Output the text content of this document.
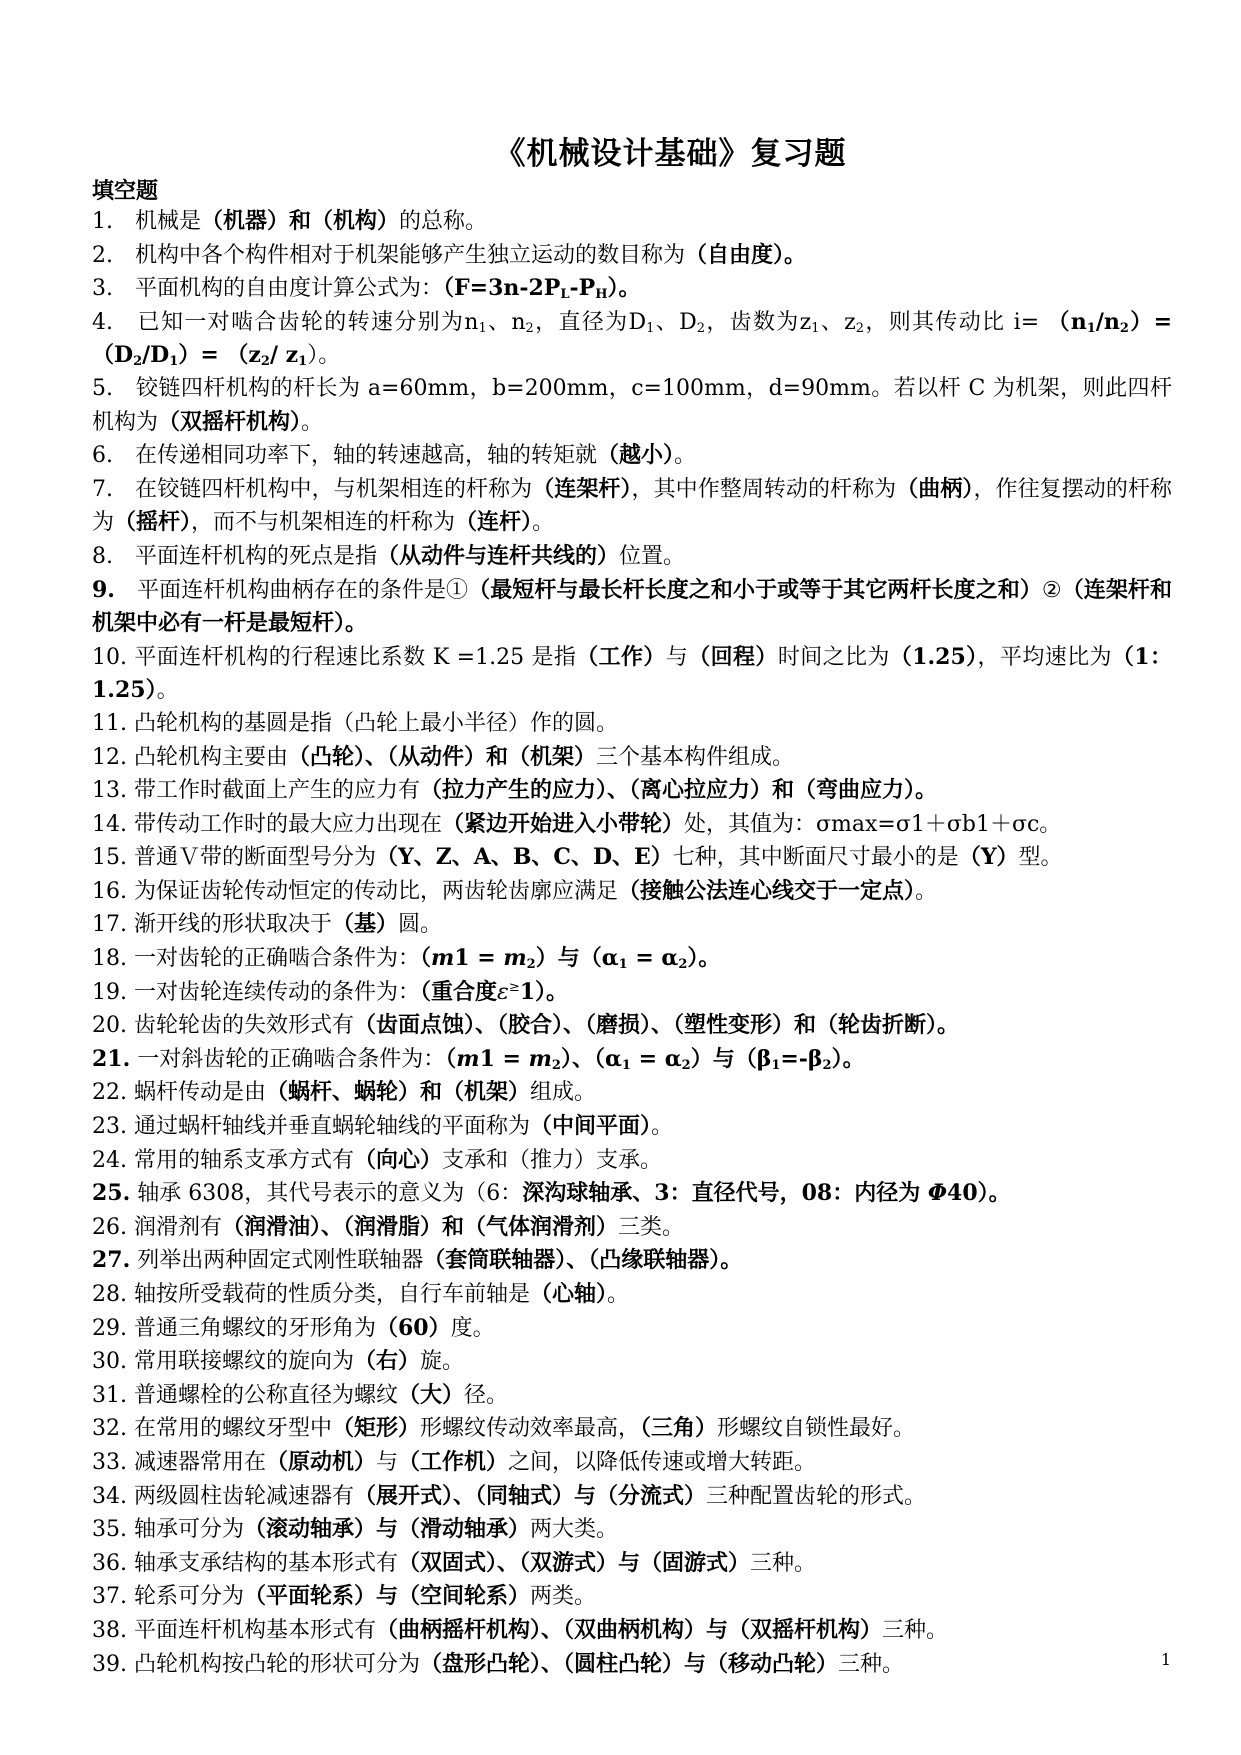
《机械设计基础》复习题
填空题
1.　机械是（机器）和（机构）的总称。
2.　机构中各个构件相对于机架能够产生独立运动的数目称为（自由度）。
3.　平面机构的自由度计算公式为：$(F=3n-2P_L-P_H)$。
4.　已知一对啮合齿轮的转速分别为$n_1$、$n_2$，直径为$D_1$、$D_2$，齿数为$z_1$、$z_2$，则其传动比 $i= (n_1/n_2)= (D_2/D_1)= (z_2/$ $z_1$）。
5.　铰链四杆机构的杆长为 a=60mm，b=200mm，c=100mm，d=90mm。若以杆 C 为机架，则此四杆机构为（双摇杆机构）。
6.　在传递相同功率下，轴的转速越高，轴的转矩就（越小）。
7.　在铰链四杆机构中，与机架相连的杆称为（连架杆），其中作整周转动的杆称为（曲柄），作往复摆动的杆称为（摇杆），而不与机架相连的杆称为（连杆）。
8.　平面连杆机构的死点是指（从动件与连杆共线的）位置。
9.　平面连杆机构曲柄存在的条件是①（最短杆与最长杆长度之和小于或等于其它两杆长度之和）②（连架杆和机架中必有一杆是最短杆）。
10. 平面连杆机构的行程速比系数 K =1.25 是指（工作）与（回程）时间之比为（1.25），平均速比为（1：1.25）。
11. 凸轮机构的基圆是指（凸轮上最小半径）作的圆。
12. 凸轮机构主要由（凸轮）、（从动件）和（机架）三个基本构件组成。
13. 带工作时截面上产生的应力有（拉力产生的应力）、（离心拉应力）和（弯曲应力）。
14. 带传动工作时的最大应力出现在（紧边开始进入小带轮）处，其值为：σmax=σ1＋σb1＋σc。
15. 普通Ｖ带的断面型号分为（Y、Z、A、B、C、D、E）七种，其中断面尺寸最小的是（Y）型。
16. 为保证齿轮传动恒定的传动比，两齿轮齿廓应满足（接触公法连心线交于一定点）。
17. 渐开线的形状取决于（基）圆。
18. 一对齿轮的正确啮合条件为：$(m1 = m_2)$与$(\alpha_1 = \alpha_2)$。
19. 一对齿轮连续传动的条件为：（重合度ε≥1）。
20. 齿轮轮齿的失效形式有（齿面点蚀）、（胶合）、（磨损）、（塑性变形）和（轮齿折断）。
21. 一对斜齿轮的正确啮合条件为：$(m1 = m_2)$、$(\alpha_1 = \alpha_2)$与$(\beta_1=-\beta_2)$。
22. 蜗杆传动是由（蜗杆、蜗轮）和（机架）组成。
23. 通过蜗杆轴线并垂直蜗轮轴线的平面称为（中间平面）。
24. 常用的轴系支承方式有（向心）支承和（推力）支承。
25. 轴承 6308，其代号表示的意义为（6：深沟球轴承、3：直径代号，08：内径为 Φ40）。
26. 润滑剂有（润滑油）、（润滑脂）和（气体润滑剂）三类。
27. 列举出两种固定式刚性联轴器（套筒联轴器）、（凸缘联轴器）。
28. 轴按所受载荷的性质分类，自行车前轴是（心轴）。
29. 普通三角螺纹的牙形角为（60）度。
30. 常用联接螺纹的旋向为（右）旋。
31. 普通螺栓的公称直径为螺纹（大）径。
32. 在常用的螺纹牙型中（矩形）形螺纹传动效率最高，（三角）形螺纹自锁性最好。
33. 减速器常用在（原动机）与（工作机）之间，以降低传速或增大转距。
34. 两级圆柱齿轮减速器有（展开式）、（同轴式）与（分流式）三种配置齿轮的形式。
35. 轴承可分为（滚动轴承）与（滑动轴承）两大类。
36. 轴承支承结构的基本形式有（双固式）、（双游式）与（固游式）三种。
37. 轮系可分为（平面轮系）与（空间轮系）两类。
38. 平面连杆机构基本形式有（曲柄摇杆机构）、（双曲柄机构）与（双摇杆机构）三种。
39. 凸轮机构按凸轮的形状可分为（盘形凸轮）、（圆柱凸轮）与（移动凸轮）三种。	1
